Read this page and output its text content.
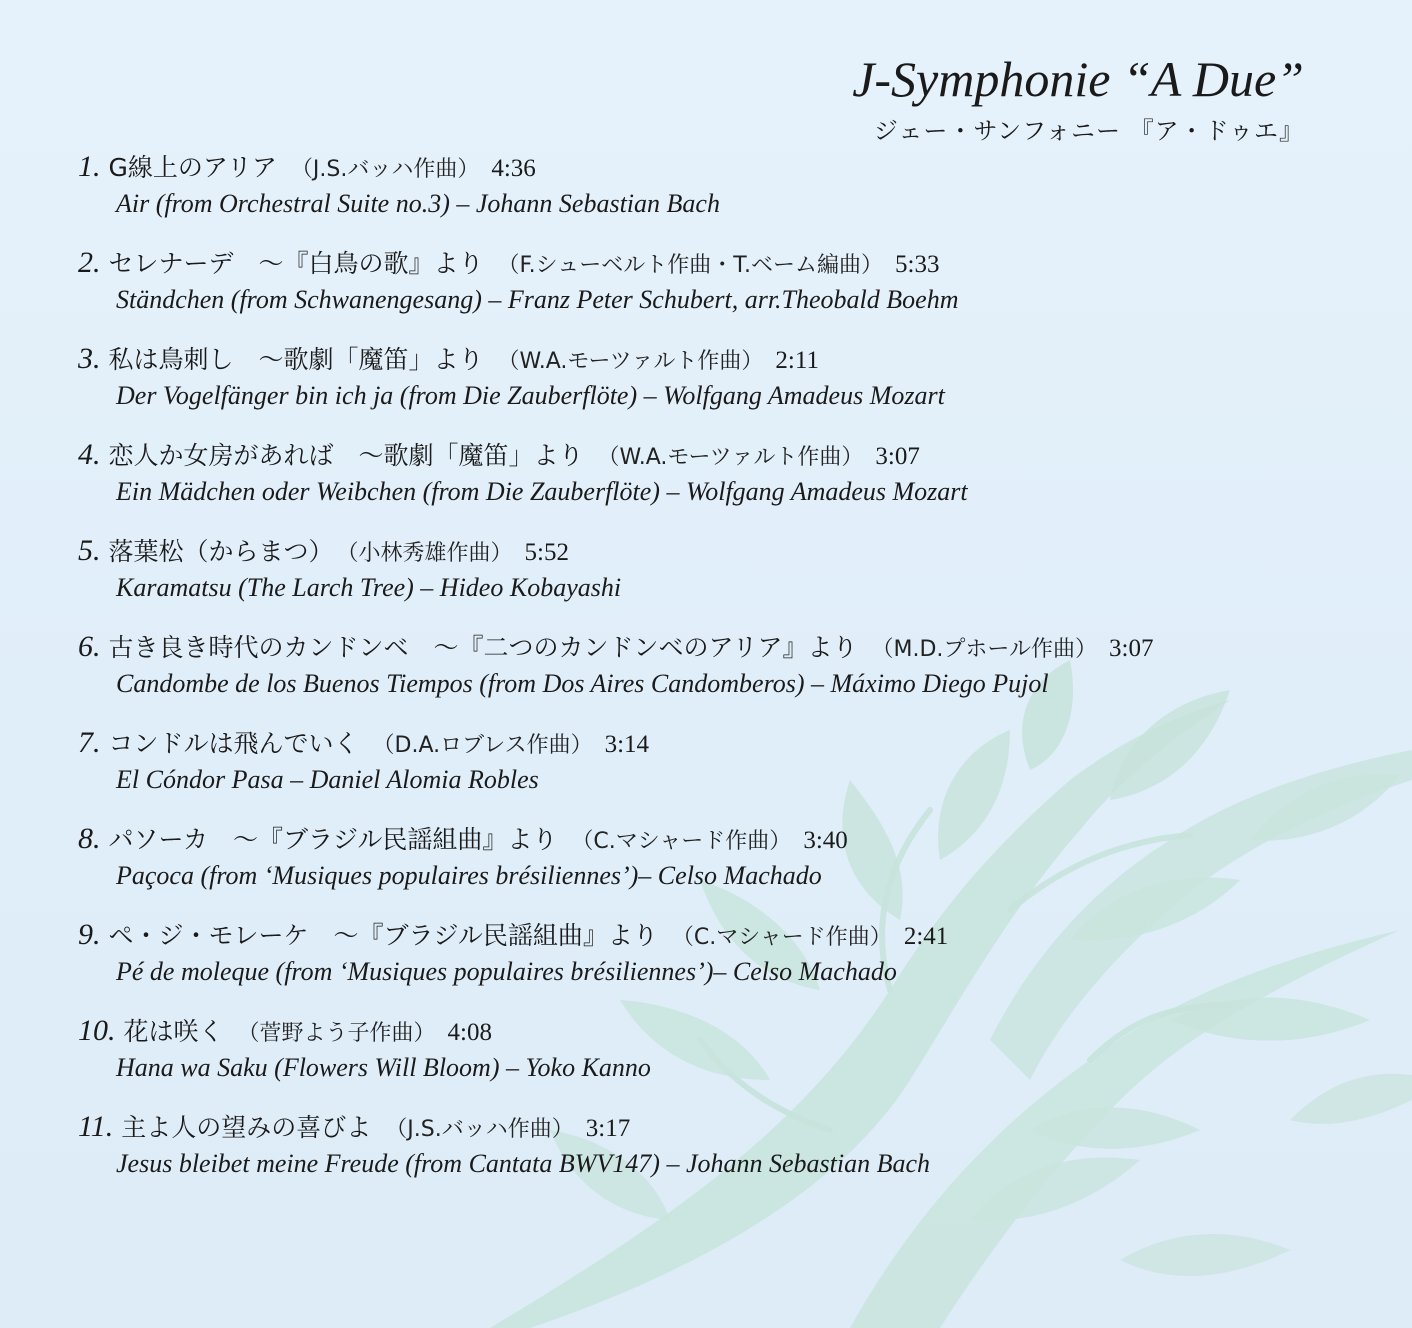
J-Symphonie “A Due”
ジェー・サンフォニー 『ア・ドゥエ』
1. G線上のアリア （J.S.バッハ作曲） 4:36
Air (from Orchestral Suite no.3) – Johann Sebastian Bach
2. セレナーデ　～『白鳥の歌』より （F.シューベルト作曲・T.ベーム編曲） 5:33
Ständchen (from Schwanengesang) – Franz Peter Schubert, arr.Theobald Boehm
3. 私は鳥刺し　～歌劇「魔笛」より （W.A.モーツァルト作曲） 2:11
Der Vogelfänger bin ich ja (from Die Zauberflöte) – Wolfgang Amadeus Mozart
4. 恋人か女房があれば　～歌劇「魔笛」より （W.A.モーツァルト作曲） 3:07
Ein Mädchen oder Weibchen (from Die Zauberflöte) – Wolfgang Amadeus Mozart
5. 落葉松（からまつ） （小林秀雄作曲） 5:52
Karamatsu (The Larch Tree) – Hideo Kobayashi
6. 古き良き時代のカンドンベ　～『二つのカンドンベのアリア』より （M.D.プホール作曲） 3:07
Candombe de los Buenos Tiempos (from Dos Aires Candomberos) – Máximo Diego Pujol
7. コンドルは飛んでいく （D.A.ロブレス作曲） 3:14
El Cóndor Pasa – Daniel Alomia Robles
8. パソーカ　～『ブラジル民謡組曲』より （C.マシャード作曲） 3:40
Paçoca (from ‘Musiques populaires brésiliennes’)– Celso Machado
9. ペ・ジ・モレーケ　～『ブラジル民謡組曲』より （C.マシャード作曲） 2:41
Pé de moleque (from ‘Musiques populaires brésiliennes’)– Celso Machado
10. 花は咲く （菅野よう子作曲） 4:08
Hana wa Saku (Flowers Will Bloom) – Yoko Kanno
11. 主よ人の望みの喜びよ （J.S.バッハ作曲） 3:17
Jesus bleibet meine Freude (from Cantata BWV147) – Johann Sebastian Bach
